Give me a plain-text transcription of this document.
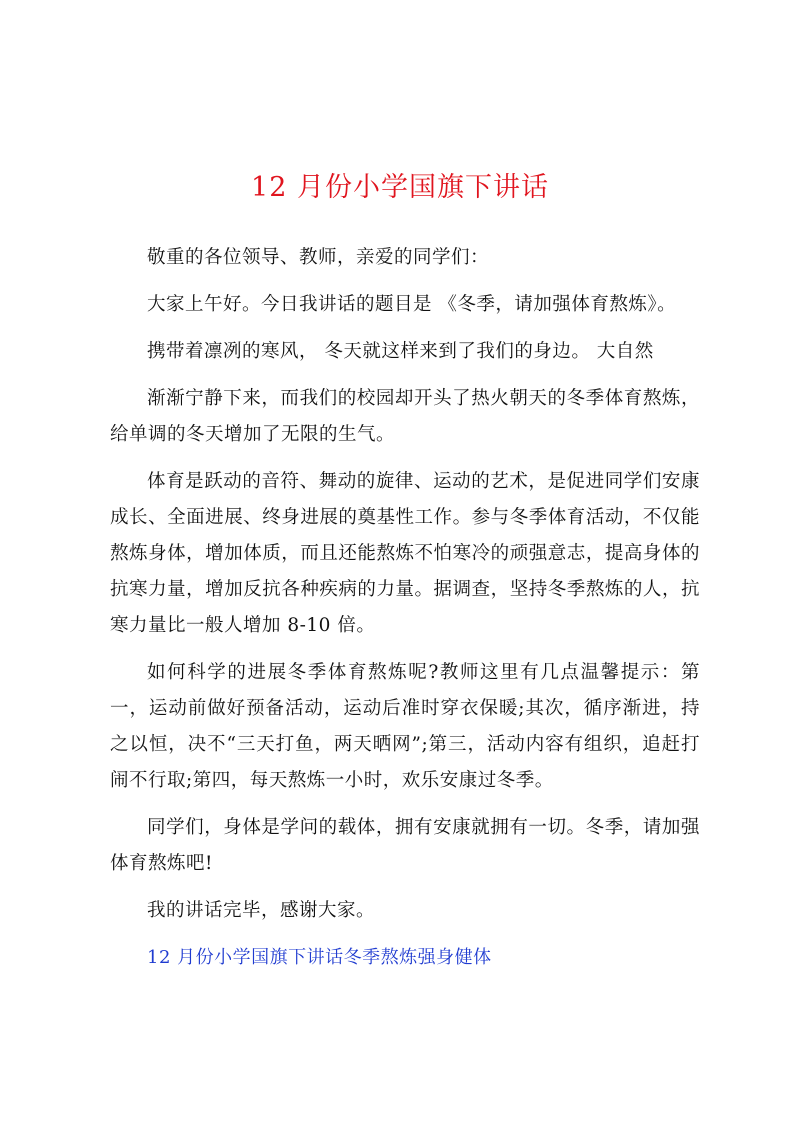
12 月份小学国旗下讲话

敬重的各位领导、教师，亲爱的同学们：

大家上午好。今日我讲话的题目是 《冬季，请加强体育熬炼》。

携带着凛冽的寒风， 冬天就这样来到了我们的身边。 大自然

渐渐宁静下来，而我们的校园却开头了热火朝天的冬季体育熬炼，给单调的冬天增加了无限的生气。

体育是跃动的音符、舞动的旋律、运动的艺术，是促进同学们安康成长、全面进展、终身进展的奠基性工作。参与冬季体育活动，不仅能熬炼身体，增加体质，而且还能熬炼不怕寒冷的顽强意志，提高身体的抗寒力量，增加反抗各种疾病的力量。据调查，坚持冬季熬炼的人，抗寒力量比一般人增加 8-10 倍。

如何科学的进展冬季体育熬炼呢?教师这里有几点温馨提示：第一，运动前做好预备活动，运动后准时穿衣保暖;其次，循序渐进，持之以恒，决不“三天打鱼，两天晒网”;第三，活动内容有组织，追赶打闹不行取;第四，每天熬炼一小时，欢乐安康过冬季。

同学们，身体是学问的载体，拥有安康就拥有一切。冬季，请加强体育熬炼吧!

我的讲话完毕，感谢大家。

12 月份小学国旗下讲话冬季熬炼强身健体
